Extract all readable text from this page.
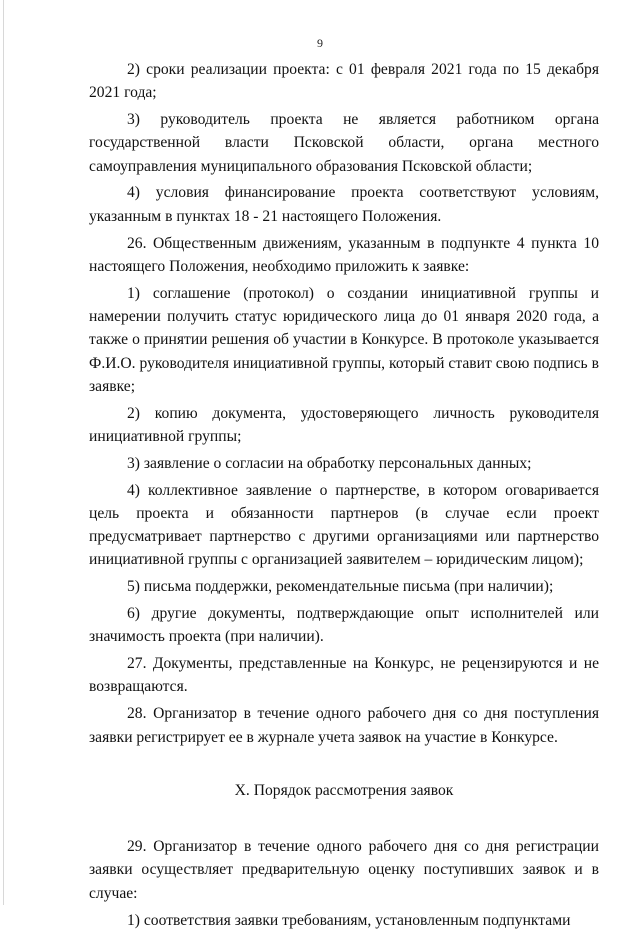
9

2) сроки реализации проекта: с 01 февраля 2021 года по 15 декабря 2021 года;

3) руководитель проекта не является работником органа государственной власти Псковской области, органа местного самоуправления муниципального образования Псковской области;

4) условия финансирование проекта соответствуют условиям, указанным в пунктах 18 - 21 настоящего Положения.

26. Общественным движениям, указанным в подпункте 4 пункта 10 настоящего Положения, необходимо приложить к заявке:

1) соглашение (протокол) о создании инициативной группы и намерении получить статус юридического лица до 01 января 2020 года, а также о принятии решения об участии в Конкурсе. В протоколе указывается Ф.И.О. руководителя инициативной группы, который ставит свою подпись в заявке;

2) копию документа, удостоверяющего личность руководителя инициативной группы;

3) заявление о согласии на обработку персональных данных;

4) коллективное заявление о партнерстве, в котором оговаривается цель проекта и обязанности партнеров (в случае если проект предусматривает партнерство с другими организациями или партнерство инициативной группы с организацией заявителем – юридическим лицом);

5) письма поддержки, рекомендательные письма (при наличии);

6) другие документы, подтверждающие опыт исполнителей или значимость проекта (при наличии).

27. Документы, представленные на Конкурс, не рецензируются и не возвращаются.

28. Организатор в течение одного рабочего дня со дня поступления заявки регистрирует ее в журнале учета заявок на участие в Конкурсе.

X. Порядок рассмотрения заявок

29. Организатор в течение одного рабочего дня со дня регистрации заявки осуществляет предварительную оценку поступивших заявок и в случае:

1) соответствия заявки требованиям, установленным подпунктами
